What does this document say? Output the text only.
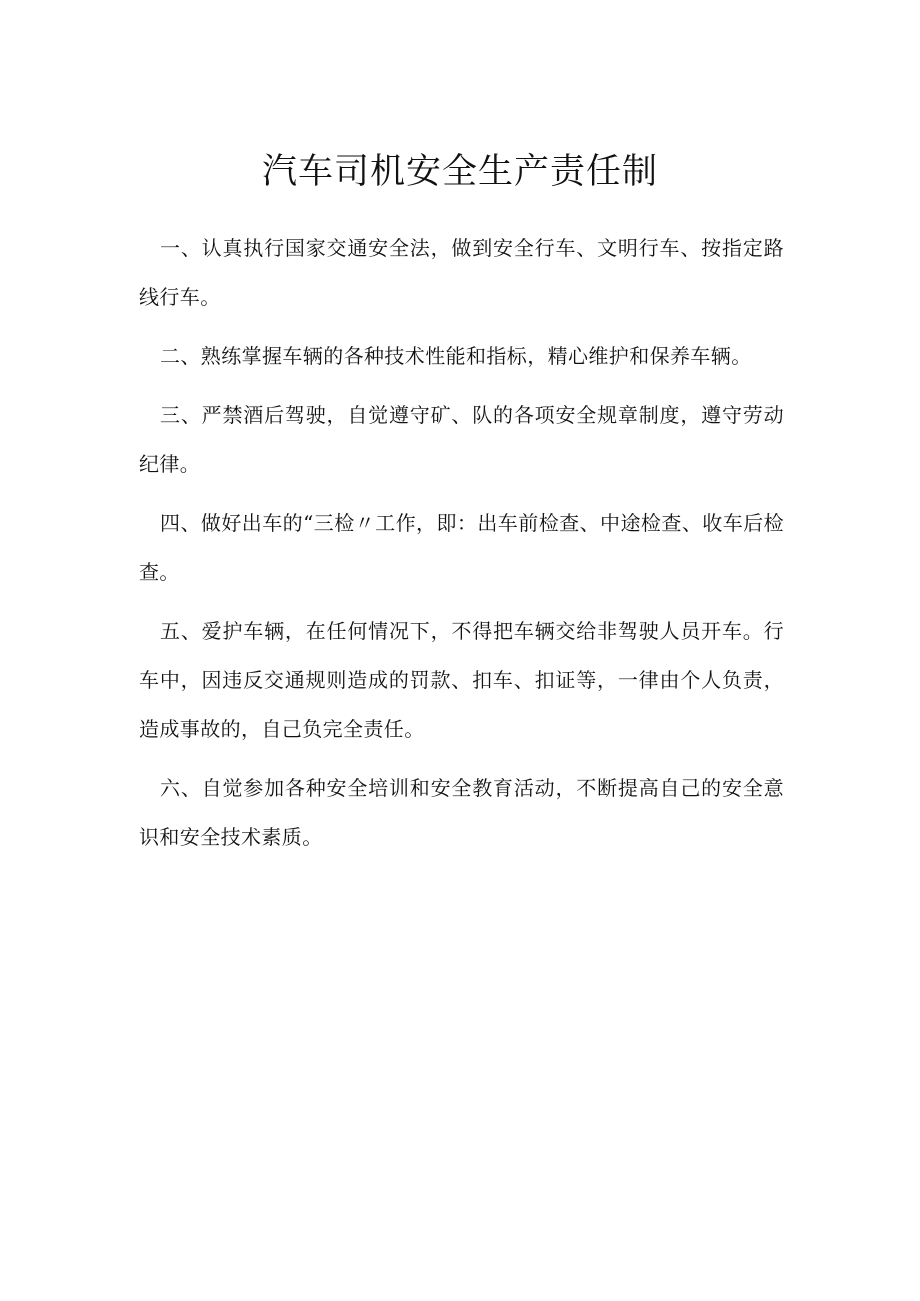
汽车司机安全生产责任制

一、认真执行国家交通安全法，做到安全行车、文明行车、按指定路线行车。

二、熟练掌握车辆的各种技术性能和指标，精心维护和保养车辆。

三、严禁酒后驾驶，自觉遵守矿、队的各项安全规章制度，遵守劳动纪律。

四、做好出车的“三检〃工作，即：出车前检查、中途检查、收车后检查。

五、爱护车辆，在任何情况下，不得把车辆交给非驾驶人员开车。行车中，因违反交通规则造成的罚款、扣车、扣证等，一律由个人负责，造成事故的，自己负完全责任。

六、自觉参加各种安全培训和安全教育活动，不断提高自己的安全意识和安全技术素质。
